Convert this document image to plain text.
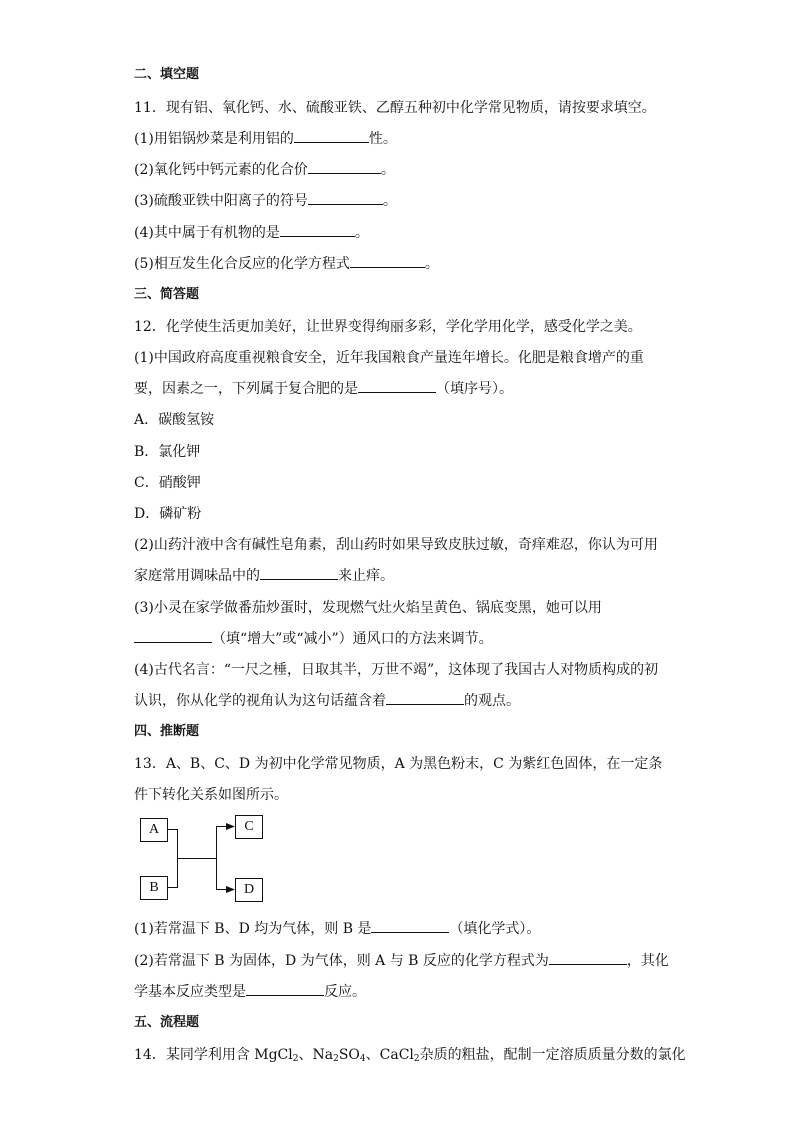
二、填空题
11．现有铝、氧化钙、水、硫酸亚铁、乙醇五种初中化学常见物质，请按要求填空。
(1)用铝锅炒菜是利用铝的	性。
(2)氧化钙中钙元素的化合价	。
(3)硫酸亚铁中阳离子的符号	。
(4)其中属于有机物的是	。
(5)相互发生化合反应的化学方程式	。
三、简答题
12．化学使生活更加美好，让世界变得绚丽多彩，学化学用化学，感受化学之美。
(1)中国政府高度重视粮食安全，近年我国粮食产量连年增长。化肥是粮食增产的重
要，因素之一，下列属于复合肥的是	（填序号）。
A．碳酸氢铵
B．氯化钾
C．硝酸钾
D．磷矿粉
(2)山药汁液中含有碱性皂角素，刮山药时如果导致皮肤过敏，奇痒难忍，你认为可用
家庭常用调味品中的	来止痒。
(3)小灵在家学做番茄炒蛋时，发现燃气灶火焰呈黄色、锅底变黑，她可以用
（填“增大”或“减小”）通风口的方法来调节。
(4)古代名言：“一尺之棰，日取其半，万世不竭”，这体现了我国古人对物质构成的初
认识，你从化学的视角认为这句话蕴含着	的观点。
四、推断题
13．A、B、C、D 为初中化学常见物质，A 为黑色粉末，C 为紫红色固体，在一定条
件下转化关系如图所示。
A
B
C
D
(1)若常温下 B、D 均为气体，则 B 是	（填化学式）。
(2)若常温下 B 为固体，D 为气体，则 A 与 B 反应的化学方程式为	，其化
学基本反应类型是	反应。
五、流程题
14．某同学利用含 MgCl$_2$、$Na_2SO_4$、CaCl$_2$杂质的粗盐，配制一定溶质质量分数的氯化
